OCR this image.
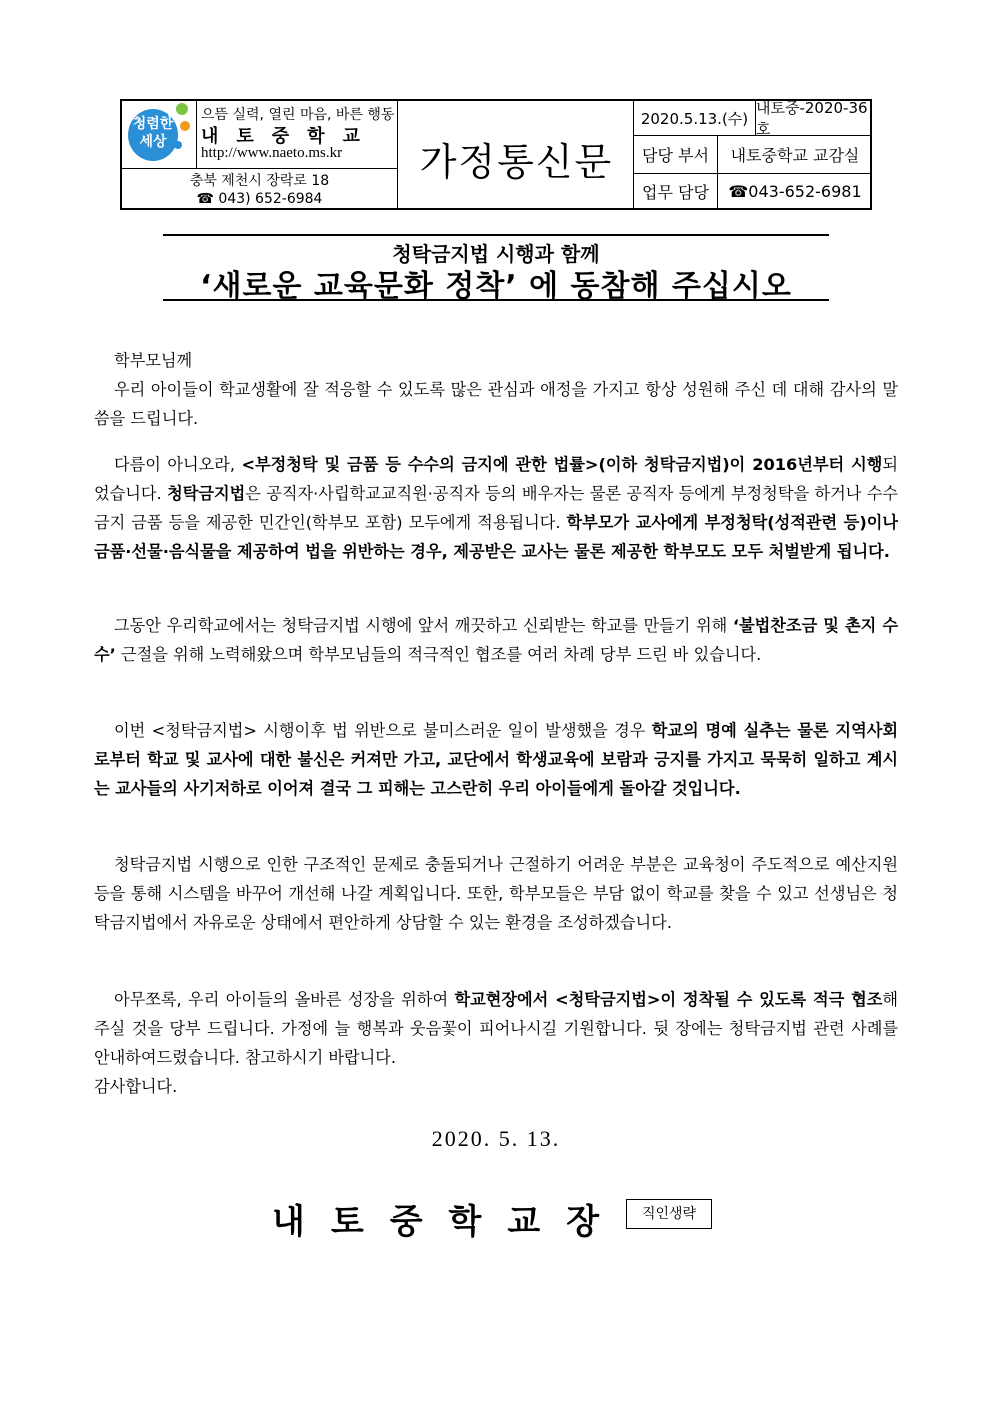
청렴한
세상
으뜸 실력, 열린 마음, 바른 행동
내토중학교
http://www.naeto.ms.kr
충북 제천시 장락로 18
☎ 043) 652-6984
가정통신문
2020.5.13.(수)
내토중-2020-36호
담당 부서	내토중학교 교감실
업무 담당	☎043-652-6981
청탁금지법 시행과 함께
‘새로운 교육문화 정착’ 에 동참해 주십시오

학부모님께

우리 아이들이 학교생활에 잘 적응할 수 있도록 많은 관심과 애정을 가지고 항상 성원해 주신 데 대해 감사의 말씀을 드립니다.

다름이 아니오라, <부정청탁 및 금품 등 수수의 금지에 관한 법률>(이하 청탁금지법)이 2016년부터 시행되었습니다. 청탁금지법은 공직자·사립학교교직원·공직자 등의 배우자는 물론 공직자 등에게 부정청탁을 하거나 수수 금지 금품 등을 제공한 민간인(학부모 포함) 모두에게 적용됩니다. 학부모가 교사에게 부정청탁(성적관련 등)이나 금품·선물·음식물을 제공하여 법을 위반하는 경우, 제공받은 교사는 물론 제공한 학부모도 모두 처벌받게 됩니다.

그동안 우리학교에서는 청탁금지법 시행에 앞서 깨끗하고 신뢰받는 학교를 만들기 위해 ‘불법찬조금 및 촌지 수수’ 근절을 위해 노력해왔으며 학부모님들의 적극적인 협조를 여러 차례 당부 드린 바 있습니다.

이번 <청탁금지법> 시행이후 법 위반으로 불미스러운 일이 발생했을 경우 학교의 명예 실추는 물론 지역사회로부터 학교 및 교사에 대한 불신은 커져만 가고, 교단에서 학생교육에 보람과 긍지를 가지고 묵묵히 일하고 계시는 교사들의 사기저하로 이어져 결국 그 피해는 고스란히 우리 아이들에게 돌아갈 것입니다.

청탁금지법 시행으로 인한 구조적인 문제로 충돌되거나 근절하기 어려운 부분은 교육청이 주도적으로 예산지원 등을 통해 시스템을 바꾸어 개선해 나갈 계획입니다. 또한, 학부모들은 부담 없이 학교를 찾을 수 있고 선생님은 청탁금지법에서 자유로운 상태에서 편안하게 상담할 수 있는 환경을 조성하겠습니다.

아무쪼록, 우리 아이들의 올바른 성장을 위하여 학교현장에서 <청탁금지법>이 정착될 수 있도록 적극 협조해 주실 것을 당부 드립니다. 가정에 늘 행복과 웃음꽃이 피어나시길 기원합니다. 뒷 장에는 청탁금지법 관련 사례를 안내하여드렸습니다. 참고하시기 바랍니다.

감사합니다.

2020. 5. 13.
내토중학교장	직인생략
